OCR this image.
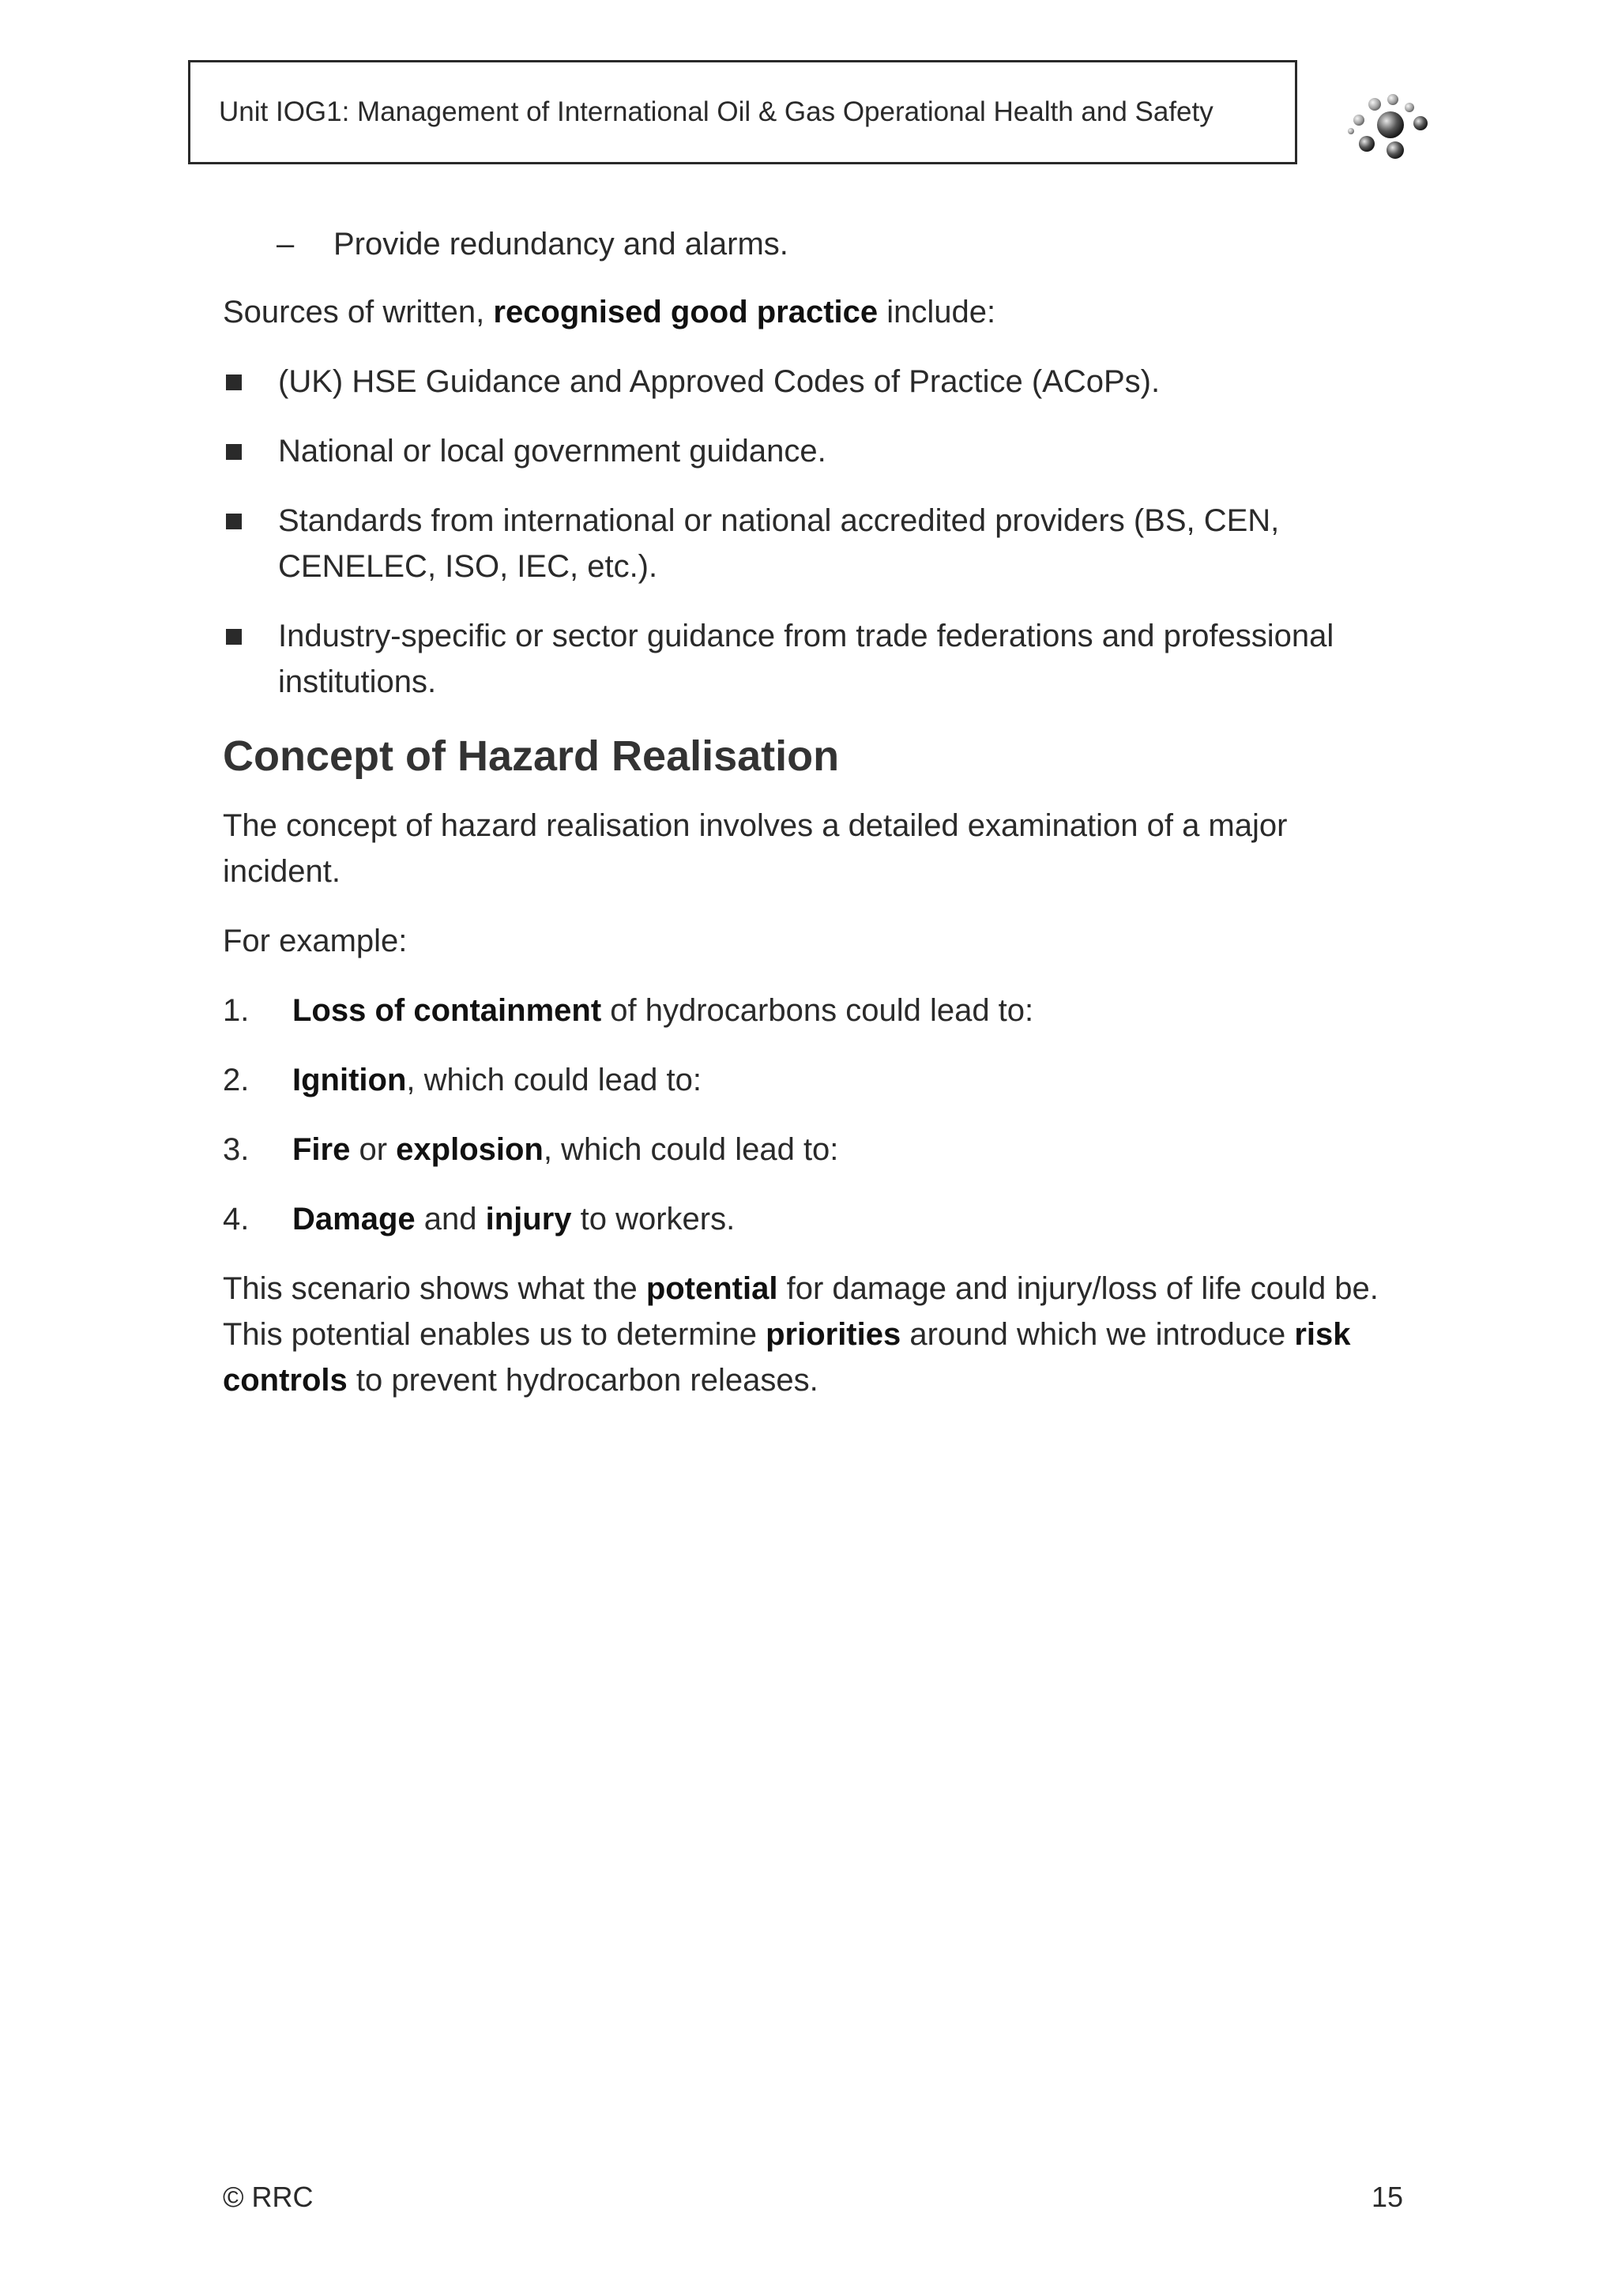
Unit IOG1: Management of International Oil & Gas Operational Health and Safety
– Provide redundancy and alarms.

Sources of written, recognised good practice include:

(UK) HSE Guidance and Approved Codes of Practice (ACoPs).
National or local government guidance.
Standards from international or national accredited providers (BS, CEN, CENELEC, ISO, IEC, etc.).
Industry-specific or sector guidance from trade federations and professional institutions.
Concept of Hazard Realisation

The concept of hazard realisation involves a detailed examination of a major incident.

For example:

1. Loss of containment of hydrocarbons could lead to:
2. Ignition, which could lead to:
3. Fire or explosion, which could lead to:
4. Damage and injury to workers.

This scenario shows what the potential for damage and injury/loss of life could be. This potential enables us to determine priorities around which we introduce risk controls to prevent hydrocarbon releases.

© RRC	15
